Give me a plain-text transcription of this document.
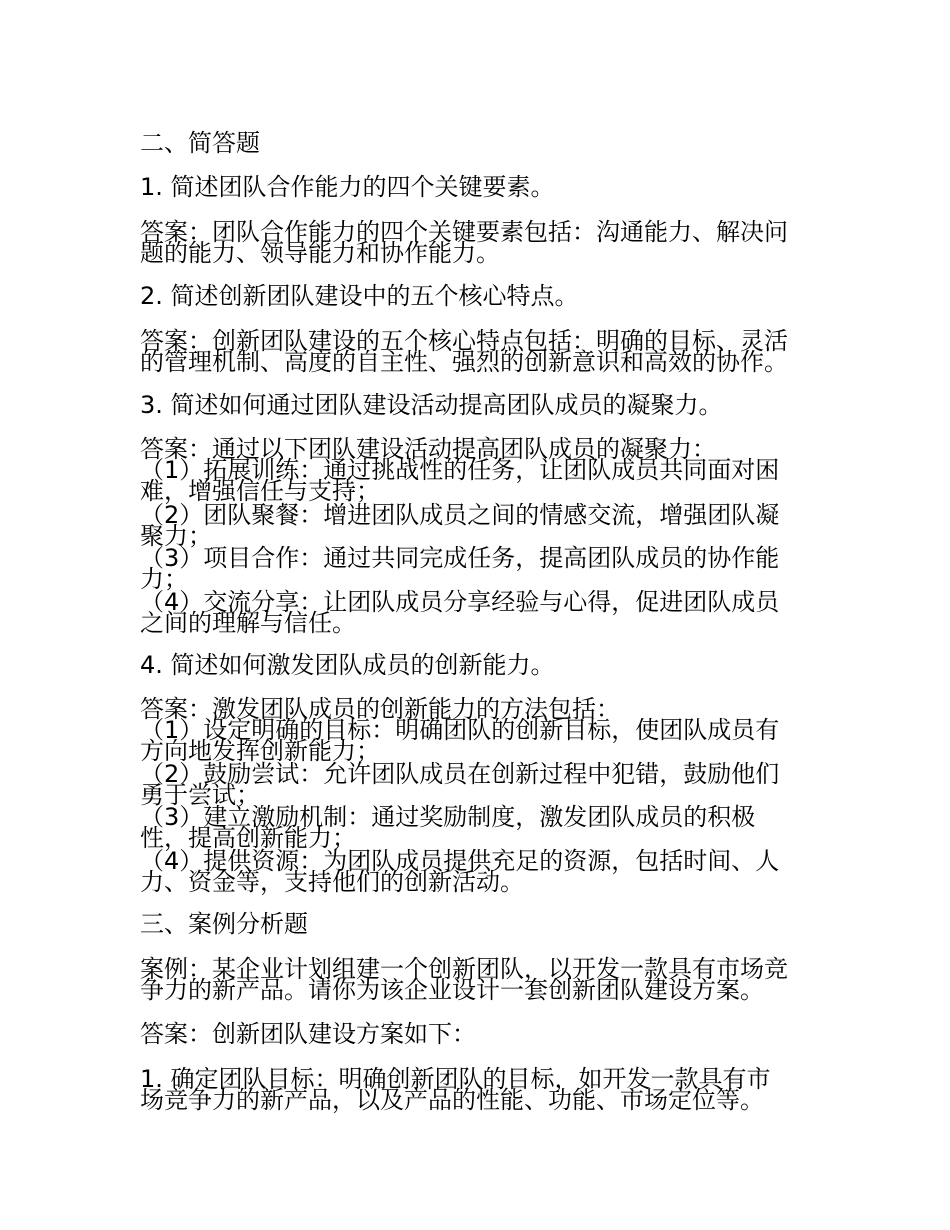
二、简答题

1. 简述团队合作能力的四个关键要素。

答案：团队合作能力的四个关键要素包括：沟通能力、解决问

题的能力、领导能力和协作能力。

2. 简述创新团队建设中的五个核心特点。

答案：创新团队建设的五个核心特点包括：明确的目标、灵活

的管理机制、高度的自主性、强烈的创新意识和高效的协作。

3. 简述如何通过团队建设活动提高团队成员的凝聚力。

答案：通过以下团队建设活动提高团队成员的凝聚力：

（1）拓展训练：通过挑战性的任务，让团队成员共同面对困

难，增强信任与支持；

（2）团队聚餐：增进团队成员之间的情感交流，增强团队凝

聚力；

（3）项目合作：通过共同完成任务，提高团队成员的协作能

力；

（4）交流分享：让团队成员分享经验与心得，促进团队成员

之间的理解与信任。

4. 简述如何激发团队成员的创新能力。

答案：激发团队成员的创新能力的方法包括：

（1）设定明确的目标：明确团队的创新目标，使团队成员有

方向地发挥创新能力；

（2）鼓励尝试：允许团队成员在创新过程中犯错，鼓励他们

勇于尝试；

（3）建立激励机制：通过奖励制度，激发团队成员的积极

性，提高创新能力；

（4）提供资源：为团队成员提供充足的资源，包括时间、人

力、资金等，支持他们的创新活动。

三、案例分析题

案例：某企业计划组建一个创新团队，以开发一款具有市场竞

争力的新产品。请你为该企业设计一套创新团队建设方案。

答案：创新团队建设方案如下：

1. 确定团队目标：明确创新团队的目标，如开发一款具有市

场竞争力的新产品，以及产品的性能、功能、市场定位等。
